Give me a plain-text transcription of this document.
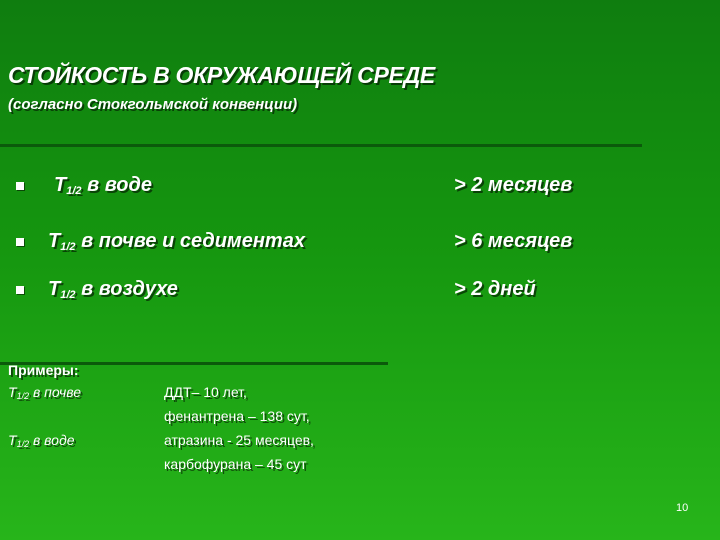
СТОЙКОСТЬ В ОКРУЖАЮЩЕЙ СРЕДЕ
(согласно Стокгольмской конвенции)
$T_{1/2}$ в воде	> 2 месяцев
$T_{1/2}$ в почве и седиментах	> 6 месяцев
$T_{1/2}$ в воздухе	> 2 дней
Примеры:
T1/2 в почве	ДДТ– 10 лет,
фенантрена – 138 сут,
T1/2 в воде	атразина - 25 месяцев,
карбофурана – 45 сут
10
